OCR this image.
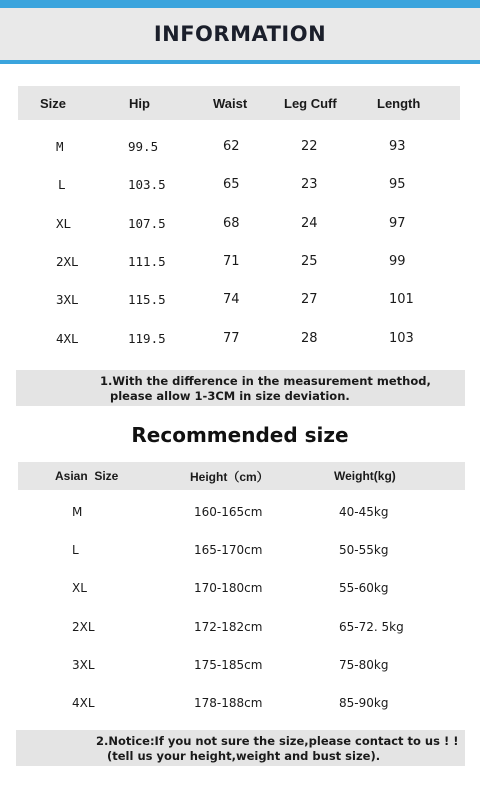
INFORMATION
Size	Hip	Waist	Leg Cuff	Length
M	99.5	62	22	93
L	103.5	65	23	95
XL	107.5	68	24	97
2XL	111.5	71	25	99
3XL	115.5	74	27	101
4XL	119.5	77	28	103
1.With the difference in the measurement method,
please allow 1-3CM in size deviation.
Recommended size
Asian  Size	Height（cm）	Weight(kg)
M	160-165cm	40-45kg
L	165-170cm	50-55kg
XL	170-180cm	55-60kg
2XL	172-182cm	65-72. 5kg
3XL	175-185cm	75-80kg
4XL	178-188cm	85-90kg
2.Notice:If you not sure the size,please contact to us ! !
(tell us your height,weight and bust size).
